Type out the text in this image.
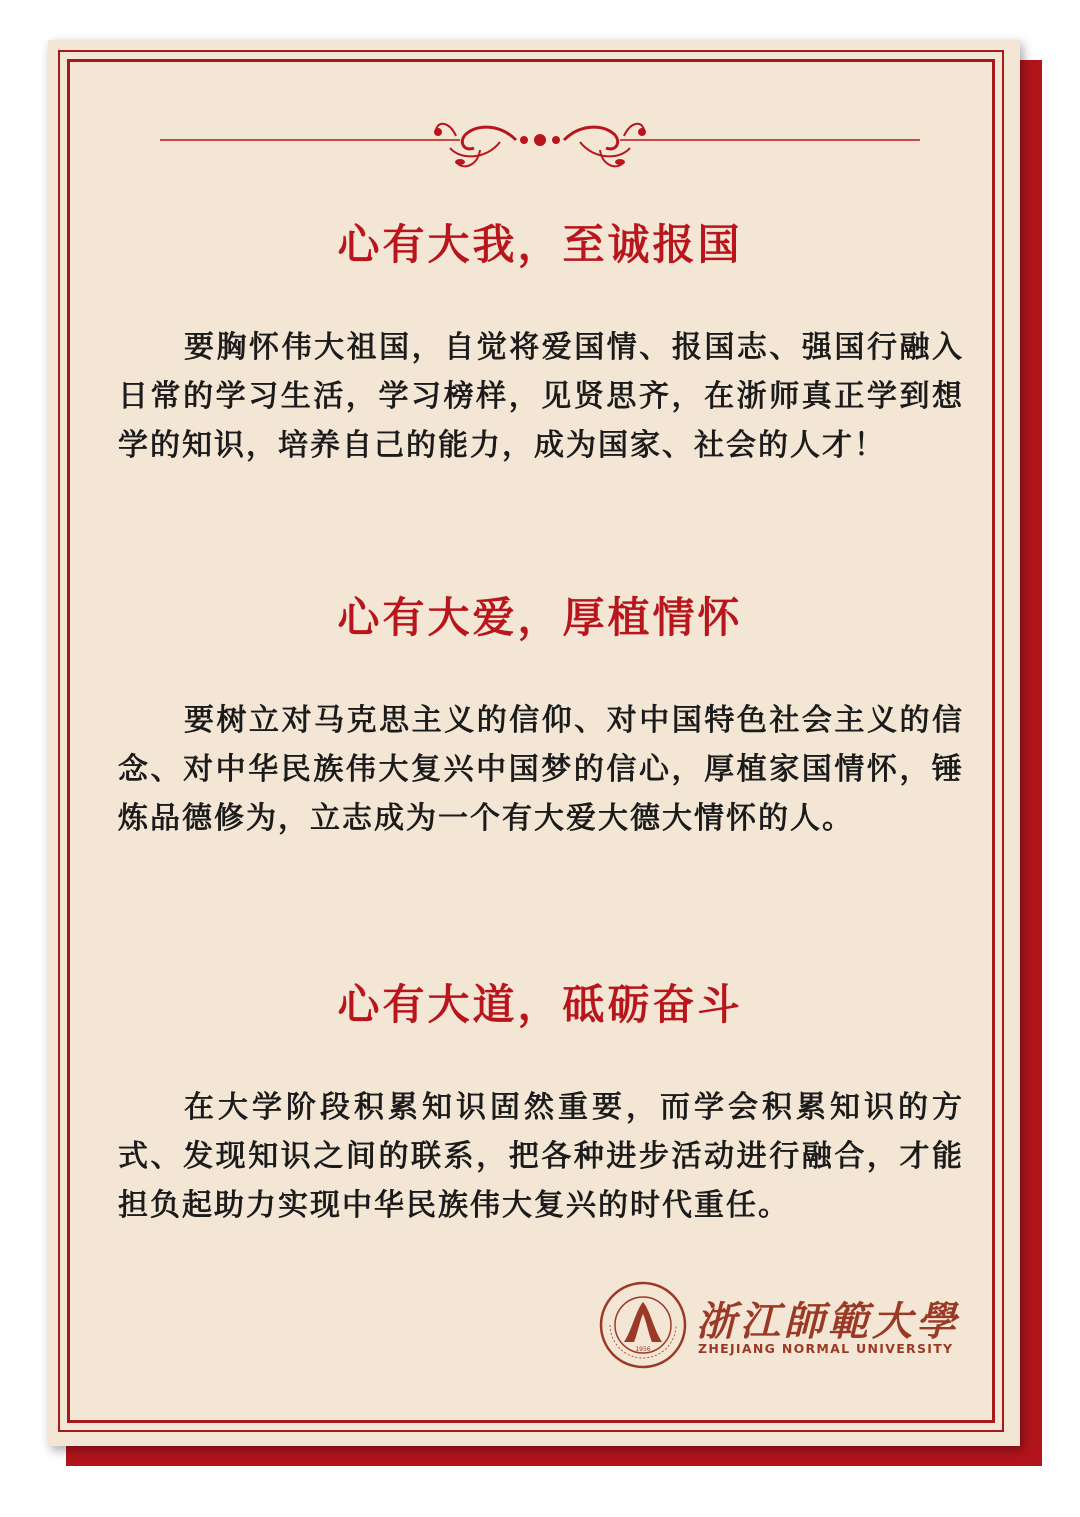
心有大我，至诚报国

要胸怀伟大祖国，自觉将爱国情、报国志、强国行融入日常的学习生活，学习榜样，见贤思齐，在浙师真正学到想学的知识，培养自己的能力，成为国家、社会的人才！

心有大爱，厚植情怀

要树立对马克思主义的信仰、对中国特色社会主义的信念、对中华民族伟大复兴中国梦的信心，厚植家国情怀，锤炼品德修为，立志成为一个有大爱大德大情怀的人。

心有大道，砥砺奋斗

在大学阶段积累知识固然重要，而学会积累知识的方式、发现知识之间的联系，把各种进步活动进行融合，才能担负起助力实现中华民族伟大复兴的时代重任。

1956
浙江師範大學
ZHEJIANG NORMAL UNIVERSITY
